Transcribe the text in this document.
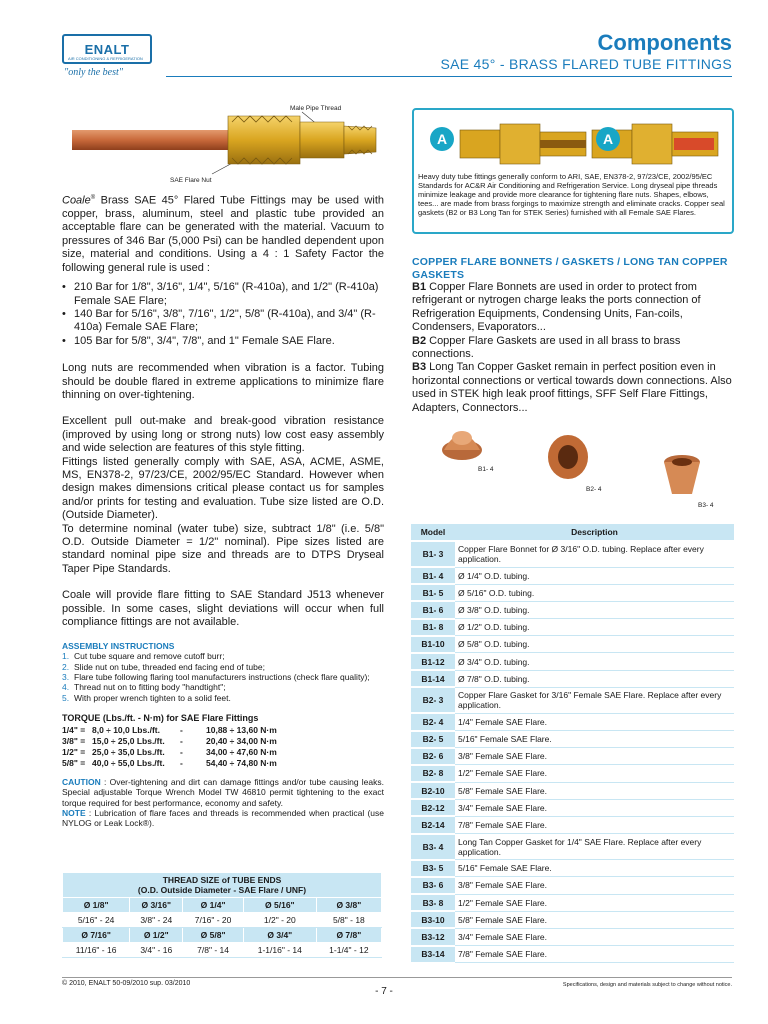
ENALT
AIR CONDITIONING & REFRIGERATION
"only the best"
Components
SAE 45° - BRASS FLARED TUBE FITTINGS
Male Pipe Thread
SAE Flare Nut

Coale® Brass SAE 45° Flared Tube Fittings may be used with copper, brass, aluminum, steel and plastic tube provided an acceptable flare can be generated with the material. Vacuum to pressures of 346 Bar (5,000 Psi) can be handled dependent upon size, material and conditions. Using a 4 : 1 Safety Factor the following general rule is used :

• 210 Bar for 1/8", 3/16", 1/4", 5/16" (R-410a), and 1/2" (R-410a) Female SAE Flare;
• 140 Bar for 5/16", 3/8", 7/16", 1/2", 5/8" (R-410a), and 3/4" (R-410a) Female SAE Flare;
• 105 Bar for 5/8", 3/4", 7/8", and 1" Female SAE Flare.

Long nuts are recommended when vibration is a factor. Tubing should be double flared in extreme applications to minimize flare thinning on over-tightening.

Excellent pull out-make and break-good vibration resistance (improved by using long or strong nuts) low cost easy assembly and wide selection are features of this style fitting.

Fittings listed generally comply with SAE, ASA, ACME, ASME, MS, EN378-2, 97/23/CE, 2002/95/EC Standard. However when design makes dimensions critical please contact us for samples and/or prints for testing and evaluation. Tube size listed are O.D. (Outside Diameter).

To determine nominal (water tube) size, subtract 1/8" (i.e. 5/8" O.D. Outside Diameter = 1/2" nominal). Pipe sizes listed are standard nominal pipe size and threads are to DTPS Dryseal Taper Pipe Standards.

Coale will provide flare fitting to SAE Standard J513 whenever possible. In some cases, slight deviations will occur when full compliance fittings are not available.

ASSEMBLY INSTRUCTIONS
1. Cut tube square and remove cutoff burr;
2. Slide nut on tube, threaded end facing end of tube;
3. Flare tube following flaring tool manufacturers instructions (check flare quality);
4. Thread nut on to fitting body "handtight";
5. With proper wrench tighten to a solid feet.
TORQUE (Lbs./ft. - N·m) for SAE Flare Fittings
1/4" = 8,0 ÷ 10,0 Lbs./ft.	-	10,88 ÷ 13,60 N·m
3/8" = 15,0 ÷ 25,0 Lbs./ft.	-	20,40 ÷ 34,00 N·m
1/2" = 25,0 ÷ 35,0 Lbs./ft.	-	34,00 ÷ 47,60 N·m
5/8" = 40,0 ÷ 55,0 Lbs./ft.	-	54,40 ÷ 74,80 N·m

CAUTION : Over-tightening and dirt can damage fittings and/or tube causing leaks. Special adjustable Torque Wrench Model TW 46810 permit tightening to the exact torque required for best performance, economy and safety.

NOTE : Lubrication of flare faces and threads is recommended when practical (use NYLOG or Leak Lock®).

THREAD SIZE of TUBE ENDS
(O.D. Outside Diameter - SAE Flare / UNF)				
Ø 1/8"	Ø 3/16"	Ø 1/4"	Ø 5/16"	Ø 3/8"
5/16" - 24	3/8" - 24	7/16" - 20	1/2" - 20	5/8" - 18
Ø 7/16"	Ø 1/2"	Ø 5/8"	Ø 3/4"	Ø 7/8"
11/16" - 16	3/4" - 16	7/8" - 14	1-1/16" - 14	1-1/4" - 12
A	A
Heavy duty tube fittings generally conform to ARI, SAE, EN378-2, 97/23/CE, 2002/95/EC Standards for AC&R Air Conditioning and Refrigeration Service. Long dryseal pipe threads minimize leakage and provide more clearance for tightening flare nuts. Shapes, elbows, tees... are made from brass forgings to maximize strength and eliminate cracks. Copper seal gaskets (B2 or B3 Long Tan for STEK Series) furnished with all Female SAE Flares.
COPPER FLARE BONNETS / GASKETS / LONG TAN COPPER GASKETS

B1 Copper Flare Bonnets are used in order to protect from refrigerant or nytrogen charge leaks the ports connection of Refrigeration Equipments, Condensing Units, Fan-coils, Condensers, Evaporators...

B2 Copper Flare Gaskets are used in all brass to brass connections.

B3 Long Tan Copper Gasket remain in perfect position even in horizontal connections or vertical towards down connections. Also used in STEK high leak proof fittings, SFF Self Flare Fittings, Adapters, Connectors...

B1- 4
B2- 4
B3- 4
Model	Description
B1- 3	Copper Flare Bonnet for Ø 3/16" O.D. tubing. Replace after every application.
B1- 4	Ø 1/4" O.D. tubing.
B1- 5	Ø 5/16" O.D. tubing.
B1- 6	Ø 3/8" O.D. tubing.
B1- 8	Ø 1/2" O.D. tubing.
B1-10	Ø 5/8" O.D. tubing.
B1-12	Ø 3/4" O.D. tubing.
B1-14	Ø 7/8" O.D. tubing.
B2- 3	Copper Flare Gasket for 3/16" Female SAE Flare. Replace after every application.
B2- 4	1/4" Female SAE Flare.
B2- 5	5/16" Female SAE Flare.
B2- 6	3/8" Female SAE Flare.
B2- 8	1/2" Female SAE Flare.
B2-10	5/8" Female SAE Flare.
B2-12	3/4" Female SAE Flare.
B2-14	7/8" Female SAE Flare.
B3- 4	Long Tan Copper Gasket for 1/4" SAE Flare. Replace after every application.
B3- 5	5/16" Female SAE Flare.
B3- 6	3/8" Female SAE Flare.
B3- 8	1/2" Female SAE Flare.
B3-10	5/8" Female SAE Flare.
B3-12	3/4" Female SAE Flare.
B3-14	7/8" Female SAE Flare.
© 2010, ENALT 50-09/2010 sup. 03/2010
- 7 -
Specifications, design and materials subject to change without notice.
